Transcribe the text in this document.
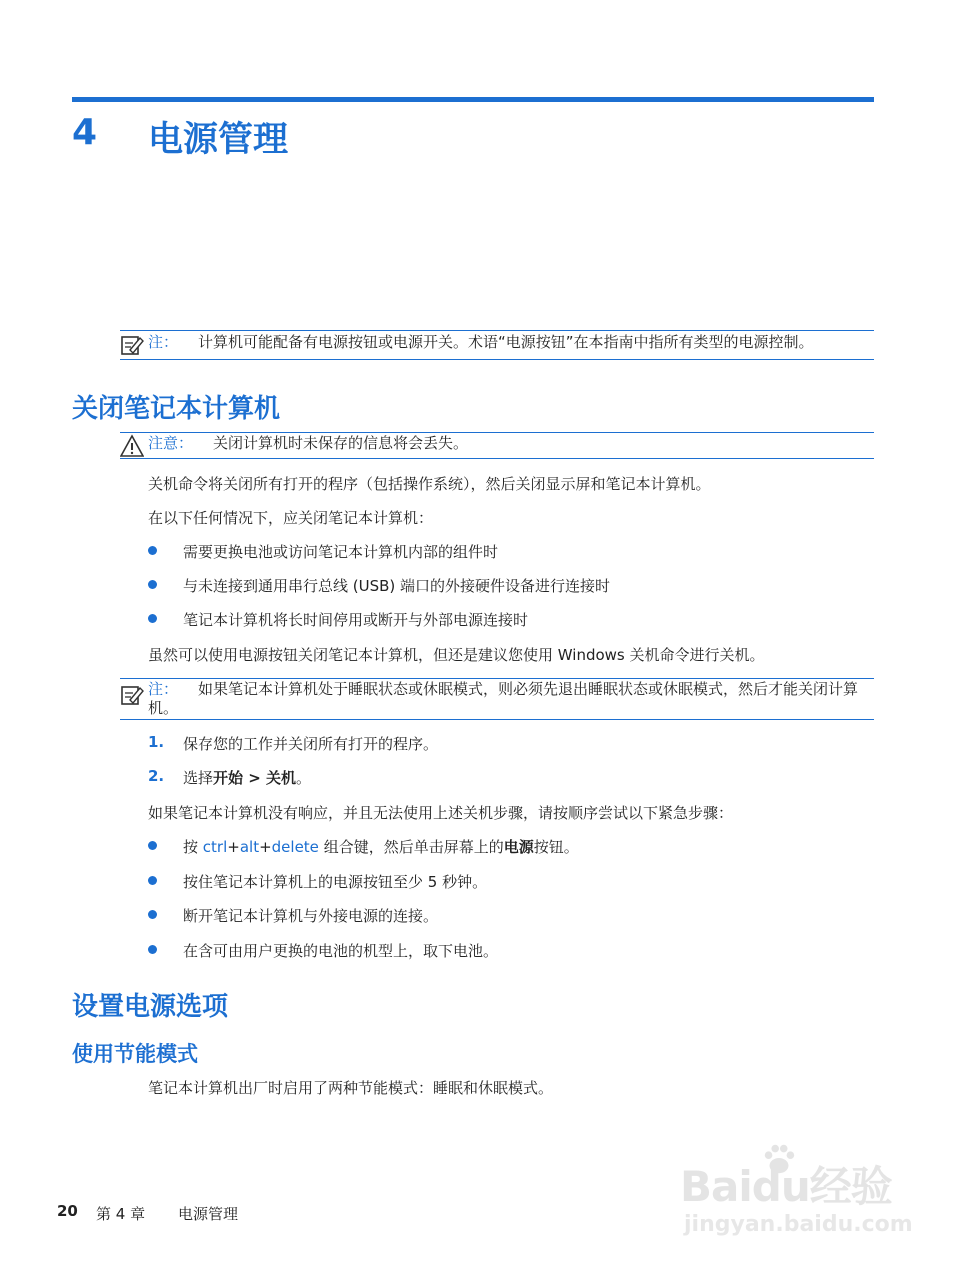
4 电源管理
注： 计算机可能配备有电源按钮或电源开关。术语“电源按钮”在本指南中指所有类型的电源控制。
关闭笔记本计算机
注意： 关闭计算机时未保存的信息将会丢失。
关机命令将关闭所有打开的程序（包括操作系统），然后关闭显示屏和笔记本计算机。
在以下任何情况下，应关闭笔记本计算机：
需要更换电池或访问笔记本计算机内部的组件时
与未连接到通用串行总线 (USB) 端口的外接硬件设备进行连接时
笔记本计算机将长时间停用或断开与外部电源连接时
虽然可以使用电源按钮关闭笔记本计算机，但还是建议您使用 Windows 关机命令进行关机。
注： 如果笔记本计算机处于睡眠状态或休眠模式，则必须先退出睡眠状态或休眠模式，然后才能关闭计算机。
1. 保存您的工作并关闭所有打开的程序。
2. 选择开始 > 关机。
如果笔记本计算机没有响应，并且无法使用上述关机步骤，请按顺序尝试以下紧急步骤：
按 ctrl+alt+delete 组合键，然后单击屏幕上的电源按钮。
按住笔记本计算机上的电源按钮至少 5 秒钟。
断开笔记本计算机与外接电源的连接。
在含可由用户更换的电池的机型上，取下电池。
设置电源选项
使用节能模式
笔记本计算机出厂时启用了两种节能模式：睡眠和休眠模式。
20 第 4 章 电源管理
Baidu经验
jingyan.baidu.com
